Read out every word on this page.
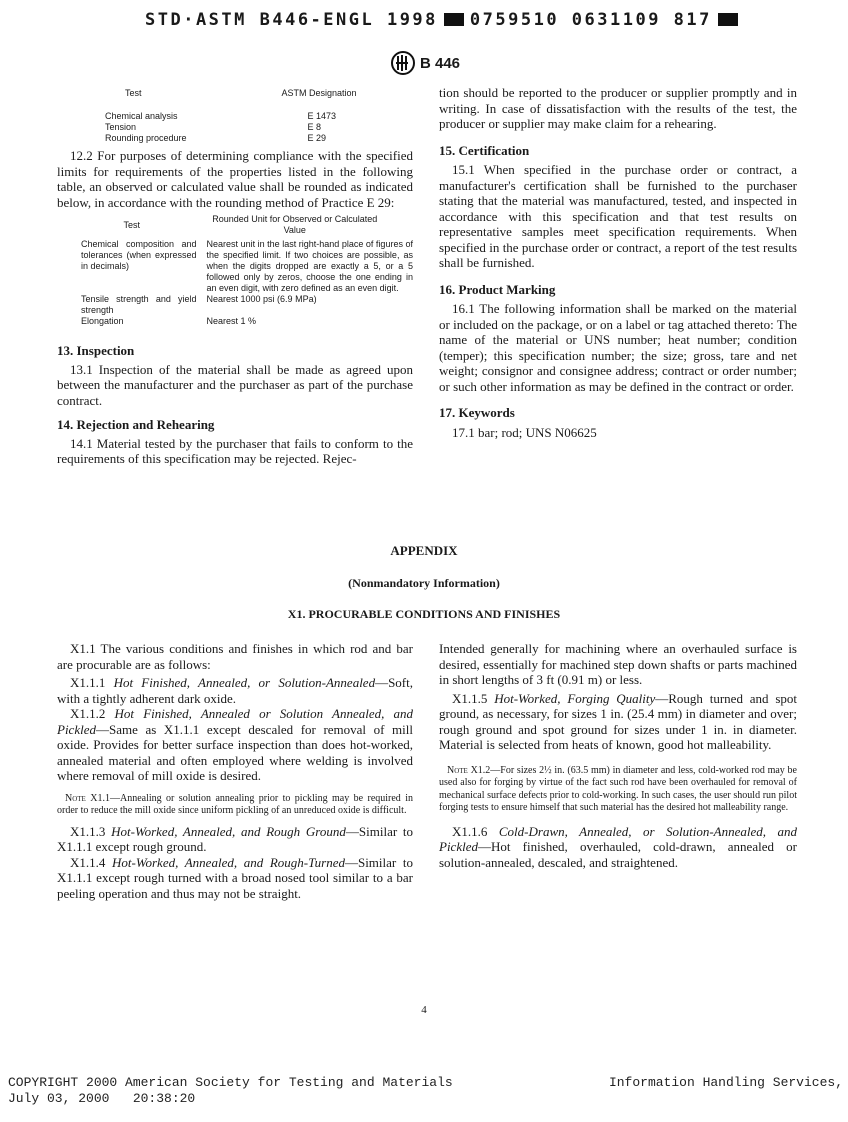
STD·ASTM B446-ENGL 1998 0759510 0631109 817
B 446
Test	ASTM Designation
Chemical analysis	E 1473
Tension	E 8
Rounding procedure	E 29

12.2 For purposes of determining compliance with the specified limits for requirements of the properties listed in the following table, an observed or calculated value shall be rounded as indicated below, in accordance with the rounding method of Practice E 29:

Test	Rounded Unit for Observed or Calculated Value
Chemical composition and tolerances (when expressed in decimals)	Nearest unit in the last right-hand place of figures of the specified limit. If two choices are possible, as when the digits dropped are exactly a 5, or a 5 followed only by zeros, choose the one ending in an even digit, with zero defined as an even digit.
Tensile strength and yield strength	Nearest 1000 psi (6.9 MPa)
Elongation	Nearest 1 %
13. Inspection

13.1 Inspection of the material shall be made as agreed upon between the manufacturer and the purchaser as part of the purchase contract.

14. Rejection and Rehearing

14.1 Material tested by the purchaser that fails to conform to the requirements of this specification may be rejected. Rejec-

tion should be reported to the producer or supplier promptly and in writing. In case of dissatisfaction with the results of the test, the producer or supplier may make claim for a rehearing.

15. Certification

15.1 When specified in the purchase order or contract, a manufacturer's certification shall be furnished to the purchaser stating that the material was manufactured, tested, and inspected in accordance with this specification and that test results on representative samples meet specification requirements. When specified in the purchase order or contract, a report of the test results shall be furnished.

16. Product Marking

16.1 The following information shall be marked on the material or included on the package, or on a label or tag attached thereto: The name of the material or UNS number; heat number; condition (temper); this specification number; the size; gross, tare and net weight; consignor and consignee address; contract or order number; or such other information as may be defined in the contract or order.

17. Keywords

17.1 bar; rod; UNS N06625

APPENDIX
(Nonmandatory Information)
X1. PROCURABLE CONDITIONS AND FINISHES

X1.1 The various conditions and finishes in which rod and bar are procurable are as follows:

X1.1.1 Hot Finished, Annealed, or Solution-Annealed—Soft, with a tightly adherent dark oxide.

X1.1.2 Hot Finished, Annealed or Solution Annealed, and Pickled—Same as X1.1.1 except descaled for removal of mill oxide. Provides for better surface inspection than does hot-worked, annealed material and often employed where welding is involved where removal of mill oxide is desired.

Note X1.1—Annealing or solution annealing prior to pickling may be required in order to reduce the mill oxide since uniform pickling of an unreduced oxide is difficult.

X1.1.3 Hot-Worked, Annealed, and Rough Ground—Similar to X1.1.1 except rough ground.

X1.1.4 Hot-Worked, Annealed, and Rough-Turned—Similar to X1.1.1 except rough turned with a broad nosed tool similar to a bar peeling operation and thus may not be straight.

Intended generally for machining where an overhauled surface is desired, essentially for machined step down shafts or parts machined in short lengths of 3 ft (0.91 m) or less.

X1.1.5 Hot-Worked, Forging Quality—Rough turned and spot ground, as necessary, for sizes 1 in. (25.4 mm) in diameter and over; rough ground and spot ground for sizes under 1 in. in diameter. Material is selected from heats of known, good hot malleability.

Note X1.2—For sizes 2½ in. (63.5 mm) in diameter and less, cold-worked rod may be used also for forging by virtue of the fact such rod have been overhauled for removal of mechanical surface defects prior to cold-working. In such cases, the user should run pilot forging tests to ensure himself that such material has the desired hot malleability range.

X1.1.6 Cold-Drawn, Annealed, or Solution-Annealed, and Pickled—Hot finished, overhauled, cold-drawn, annealed or solution-annealed, descaled, and straightened.

4
COPYRIGHT 2000 American Society for Testing and Materials	Information Handling Services,
July 03, 2000   20:38:20
